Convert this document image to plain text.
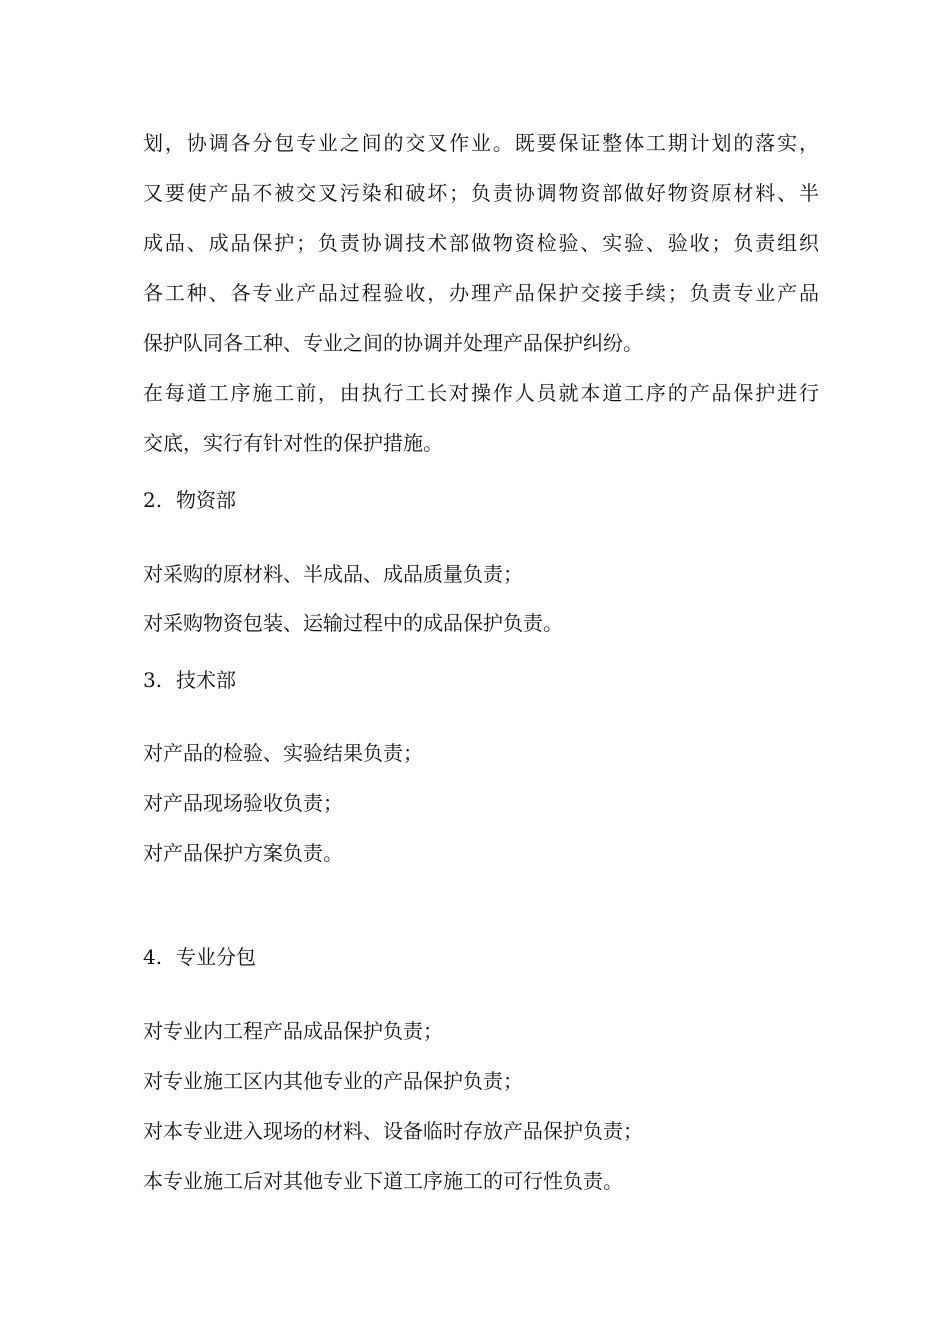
划，协调各分包专业之间的交叉作业。既要保证整体工期计划的落实，
又要使产品不被交叉污染和破坏；负责协调物资部做好物资原材料、半
成品、成品保护；负责协调技术部做物资检验、实验、验收；负责组织
各工种、各专业产品过程验收，办理产品保护交接手续；负责专业产品
保护队同各工种、专业之间的协调并处理产品保护纠纷。
在每道工序施工前，由执行工长对操作人员就本道工序的产品保护进行
交底，实行有针对性的保护措施。
2. 物资部
对采购的原材料、半成品、成品质量负责；
对采购物资包装、运输过程中的成品保护负责。
3. 技术部
对产品的检验、实验结果负责；
对产品现场验收负责；
对产品保护方案负责。
4. 专业分包
对专业内工程产品成品保护负责；
对专业施工区内其他专业的产品保护负责；
对本专业进入现场的材料、设备临时存放产品保护负责；
本专业施工后对其他专业下道工序施工的可行性负责。
